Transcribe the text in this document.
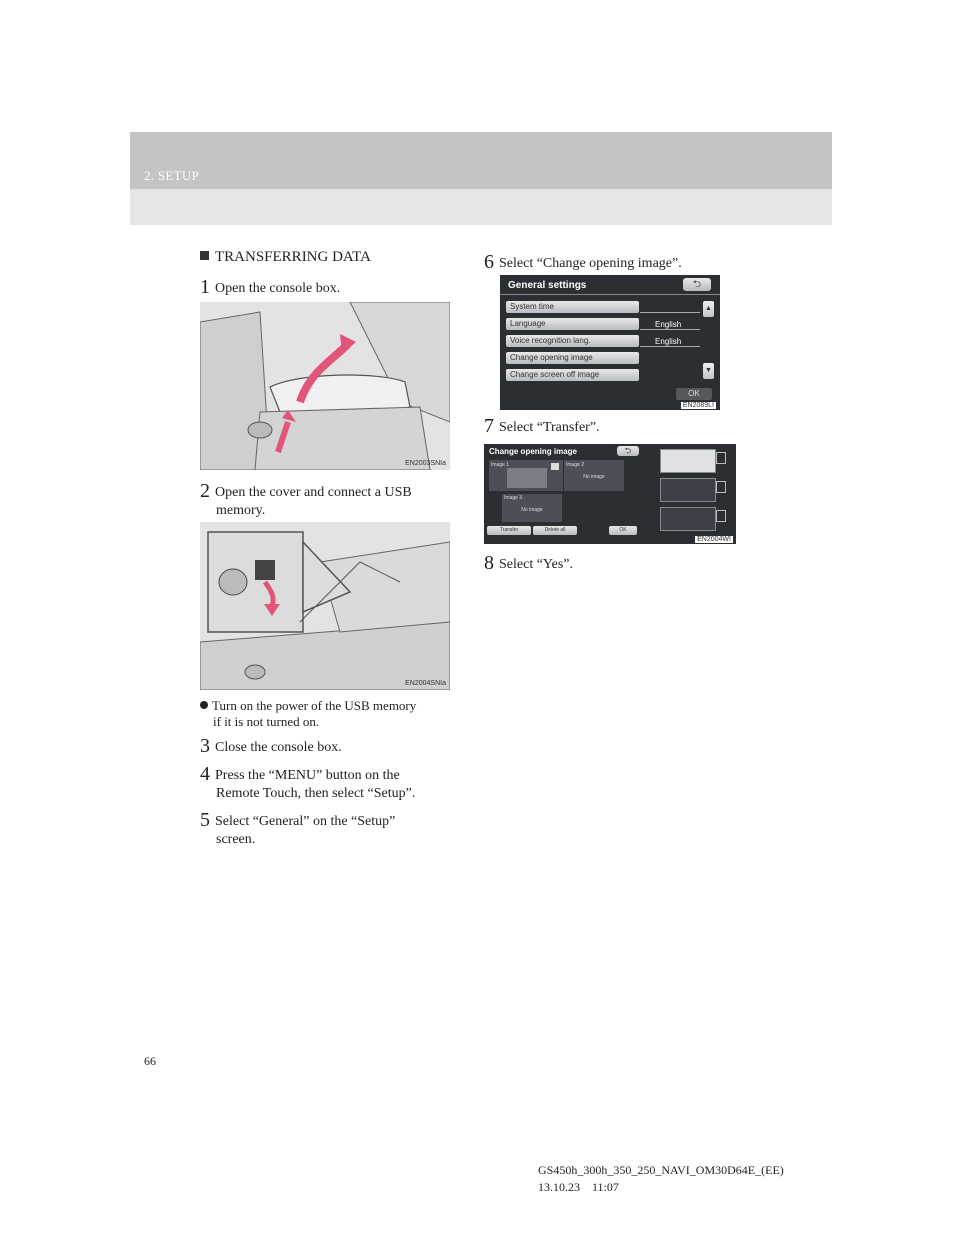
2. SETUP
TRANSFERRING DATA
1 Open the console box.
EN2003SNIa
2 Open the cover and connect a USB
memory.
EN2004SNIa
Turn on the power of the USB memory
if it is not turned on.
3 Close the console box.
4 Press the “MENU” button on the
Remote Touch, then select “Setup”.
5 Select “General” on the “Setup”
screen.
6 Select “Change opening image”.
General settings	⮌
System time
Language	English
Voice recognition lang.	English
Change opening image
Change screen off image
▲
▼
OK
EN2089LI
7 Select “Transfer”.
Change opening image	⮌
Image 1	Image 2
No image
Image 3
No image
Transfer	Delete all	OK
EN2004WI
8 Select “Yes”.
66
GS450h_300h_350_250_NAVI_OM30D64E_(EE)
13.10.23 11:07
